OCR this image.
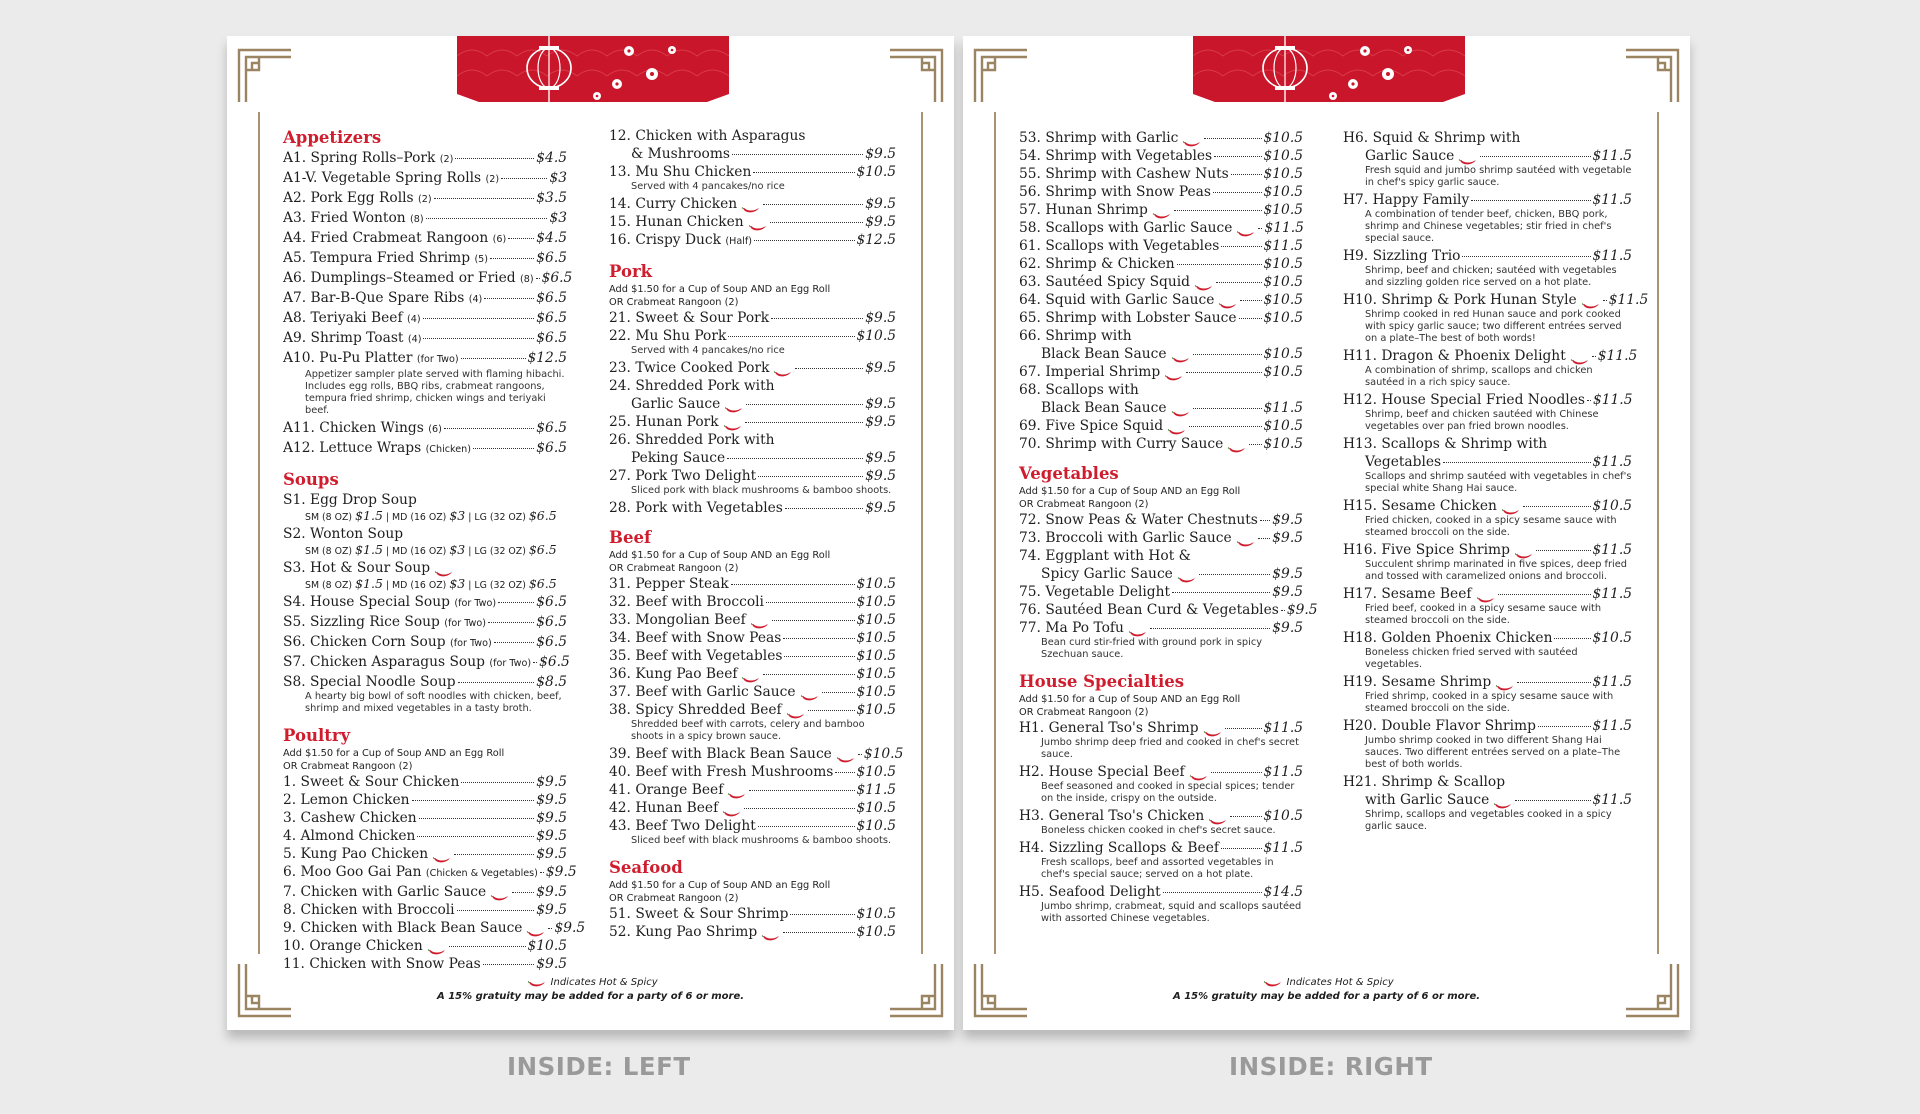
Appetizers
A1. Spring Rolls–Pork (2)	$4.5
A1-V. Vegetable Spring Rolls (2)	$3
A2. Pork Egg Rolls (2)	$3.5
A3. Fried Wonton (8)	$3
A4. Fried Crabmeat Rangoon (6) $4.5
A5. Tempura Fried Shrimp (5)	$6.5
A6. Dumplings–Steamed or Fried (8) $6.5
A7. Bar-B-Que Spare Ribs (4)	$6.5
A8. Teriyaki Beef (4)	$6.5
A9. Shrimp Toast (4)	$6.5
A10. Pu-Pu Platter (for Two)	$12.5
Appetizer sampler plate served with flaming hibachi. Includes egg rolls, BBQ ribs, crabmeat rangoons, tempura fried shrimp, chicken wings and teriyaki beef.
A11. Chicken Wings (6)	$6.5
A12. Lettuce Wraps (Chicken)	$6.5
Soups
S1. Egg Drop Soup
SM (8 OZ) $1.5 | MD (16 OZ) $3 | LG (32 OZ) $6.5
S2. Wonton Soup
SM (8 OZ) $1.5 | MD (16 OZ) $3 | LG (32 OZ) $6.5
S3. Hot & Sour Soup
SM (8 OZ) $1.5 | MD (16 OZ) $3 | LG (32 OZ) $6.5
S4. House Special Soup (for Two)	$6.5
S5. Sizzling Rice Soup (for Two)	$6.5
S6. Chicken Corn Soup (for Two)	$6.5
S7. Chicken Asparagus Soup (for Two) $6.5
S8. Special Noodle Soup	$8.5
A hearty big bowl of soft noodles with chicken, beef, shrimp and mixed vegetables in a tasty broth.
Poultry
Add $1.50 for a Cup of Soup AND an Egg Roll
OR Crabmeat Rangoon (2)
1. Sweet & Sour Chicken	$9.5
2. Lemon Chicken	$9.5
3. Cashew Chicken	$9.5
4. Almond Chicken	$9.5
5. Kung Pao Chicken	$9.5
6. Moo Goo Gai Pan (Chicken & Vegetables) $9.5
7. Chicken with Garlic Sauce	$9.5
8. Chicken with Broccoli	$9.5
9. Chicken with Black Bean Sauce	$9.5
10. Orange Chicken	$10.5
11. Chicken with Snow Peas	$9.5
12. Chicken with Asparagus
& Mushrooms	$9.5
13. Mu Shu Chicken	$10.5
Served with 4 pancakes/no rice
14. Curry Chicken	$9.5
15. Hunan Chicken	$9.5
16. Crispy Duck (Half)	$12.5
Pork
Add $1.50 for a Cup of Soup AND an Egg Roll
OR Crabmeat Rangoon (2)
21. Sweet & Sour Pork	$9.5
22. Mu Shu Pork	$10.5
Served with 4 pancakes/no rice
23. Twice Cooked Pork	$9.5
24. Shredded Pork with
Garlic Sauce	$9.5
25. Hunan Pork	$9.5
26. Shredded Pork with
Peking Sauce	$9.5
27. Pork Two Delight	$9.5
Sliced pork with black mushrooms & bamboo shoots.
28. Pork with Vegetables	$9.5
Beef
Add $1.50 for a Cup of Soup AND an Egg Roll
OR Crabmeat Rangoon (2)
31. Pepper Steak	$10.5
32. Beef with Broccoli	$10.5
33. Mongolian Beef	$10.5
34. Beef with Snow Peas	$10.5
35. Beef with Vegetables	$10.5
36. Kung Pao Beef	$10.5
37. Beef with Garlic Sauce	$10.5
38. Spicy Shredded Beef	$10.5
Shredded beef with carrots, celery and bamboo shoots in a spicy brown sauce.
39. Beef with Black Bean Sauce	$10.5
40. Beef with Fresh Mushrooms $10.5
41. Orange Beef	$11.5
42. Hunan Beef	$10.5
43. Beef Two Delight	$10.5
Sliced beef with black mushrooms & bamboo shoots.
Seafood
Add $1.50 for a Cup of Soup AND an Egg Roll
OR Crabmeat Rangoon (2)
51. Sweet & Sour Shrimp	$10.5
52. Kung Pao Shrimp	$10.5
Indicates Hot & Spicy
A 15% gratuity may be added for a party of 6 or more.
53. Shrimp with Garlic	$10.5
54. Shrimp with Vegetables	$10.5
55. Shrimp with Cashew Nuts	$10.5
56. Shrimp with Snow Peas	$10.5
57. Hunan Shrimp	$10.5
58. Scallops with Garlic Sauce	$11.5
61. Scallops with Vegetables	$11.5
62. Shrimp & Chicken	$10.5
63. Sautéed Spicy Squid	$10.5
64. Squid with Garlic Sauce	$10.5
65. Shrimp with Lobster Sauce $10.5
66. Shrimp with
Black Bean Sauce	$10.5
67. Imperial Shrimp	$10.5
68. Scallops with
Black Bean Sauce	$11.5
69. Five Spice Squid	$10.5
70. Shrimp with Curry Sauce	$10.5
Vegetables
Add $1.50 for a Cup of Soup AND an Egg Roll
OR Crabmeat Rangoon (2)
72. Snow Peas & Water Chestnuts $9.5
73. Broccoli with Garlic Sauce	$9.5
74. Eggplant with Hot &
Spicy Garlic Sauce	$9.5
75. Vegetable Delight	$9.5
76. Sautéed Bean Curd & Vegetables $9.5
77. Ma Po Tofu	$9.5
Bean curd stir-fried with ground pork in spicy Szechuan sauce.
House Specialties
Add $1.50 for a Cup of Soup AND an Egg Roll
OR Crabmeat Rangoon (2)
H1. General Tso's Shrimp	$11.5
Jumbo shrimp deep fried and cooked in chef's secret sauce.
H2. House Special Beef	$11.5
Beef seasoned and cooked in special spices; tender on the inside, crispy on the outside.
H3. General Tso's Chicken	$10.5
Boneless chicken cooked in chef's secret sauce.
H4. Sizzling Scallops & Beef	$11.5
Fresh scallops, beef and assorted vegetables in chef's special sauce; served on a hot plate.
H5. Seafood Delight	$14.5
Jumbo shrimp, crabmeat, squid and scallops sautéed with assorted Chinese vegetables.
H6. Squid & Shrimp with
Garlic Sauce	$11.5
Fresh squid and jumbo shrimp sautéed with vegetable in chef's spicy garlic sauce.
H7. Happy Family	$11.5
A combination of tender beef, chicken, BBQ pork, shrimp and Chinese vegetables; stir fried in chef's special sauce.
H9. Sizzling Trio	$11.5
Shrimp, beef and chicken; sautéed with vegetables and sizzling golden rice served on a hot plate.
H10. Shrimp & Pork Hunan Style	$11.5
Shrimp cooked in red Hunan sauce and pork cooked with spicy garlic sauce; two different entrées served on a plate–The best of both words!
H11. Dragon & Phoenix Delight	$11.5
A combination of shrimp, scallops and chicken sautéed in a rich spicy sauce.
H12. House Special Fried Noodles $11.5
Shrimp, beef and chicken sautéed with Chinese vegetables over pan fried brown noodles.
H13. Scallops & Shrimp with
Vegetables	$11.5
Scallops and shrimp sautéed with vegetables in chef's special white Shang Hai sauce.
H15. Sesame Chicken	$10.5
Fried chicken, cooked in a spicy sesame sauce with steamed broccoli on the side.
H16. Five Spice Shrimp	$11.5
Succulent shrimp marinated in five spices, deep fried and tossed with caramelized onions and broccoli.
H17. Sesame Beef	$11.5
Fried beef, cooked in a spicy sesame sauce with steamed broccoli on the side.
H18. Golden Phoenix Chicken	$10.5
Boneless chicken fried served with sautéed vegetables.
H19. Sesame Shrimp	$11.5
Fried shrimp, cooked in a spicy sesame sauce with steamed broccoli on the side.
H20. Double Flavor Shrimp	$11.5
Jumbo shrimp cooked in two different Shang Hai sauces. Two different entrées served on a plate–The best of both worlds.
H21. Shrimp & Scallop
with Garlic Sauce	$11.5
Shrimp, scallops and vegetables cooked in a spicy garlic sauce.
Indicates Hot & Spicy
A 15% gratuity may be added for a party of 6 or more.
INSIDE: LEFT	INSIDE: RIGHT
